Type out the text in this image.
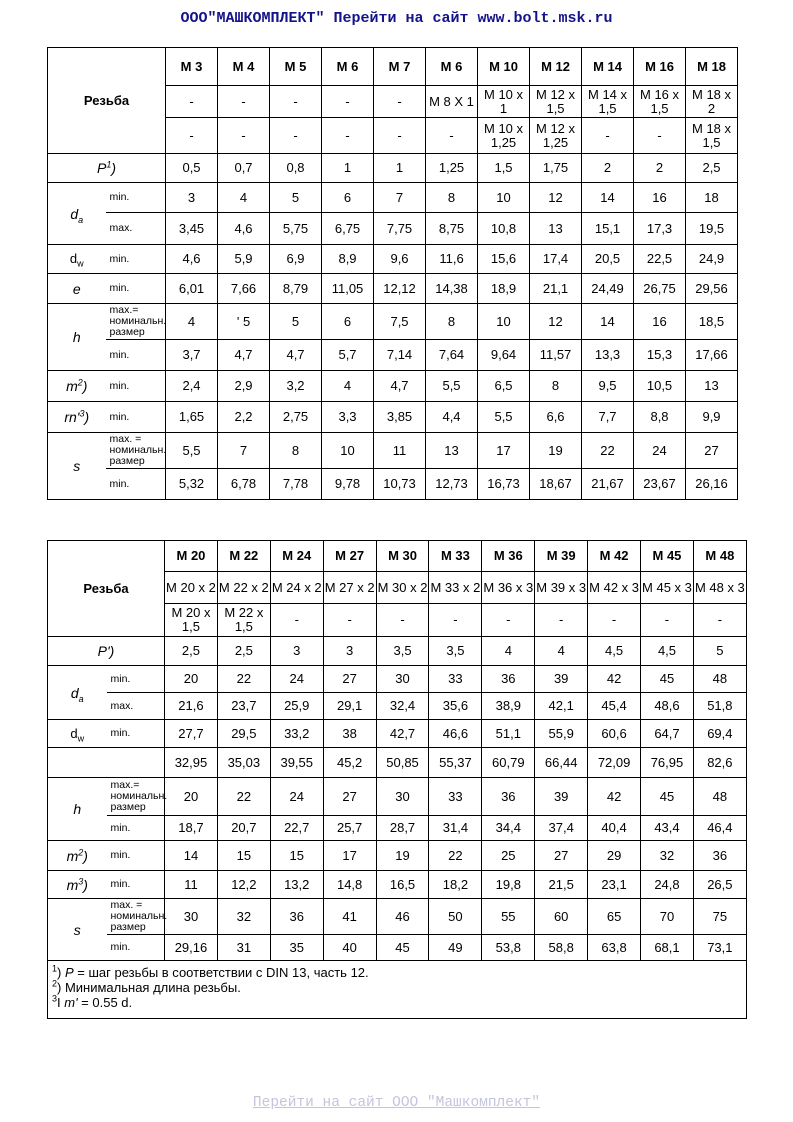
ООО"МАШКОМПЛЕКТ" Перейти на сайт www.bolt.msk.ru
Резьба		M 3	M 4	M 5	M 6	M 7	M 6	M 10	M 12	M 14	M 16	M 18
		-	-	-	-	-	M 8 X 1	M 10 x 1	M 12 x 1,5	M 14 x 1,5	M 16 x 1,5	M 18 x 2
		-	-	-	-	-	-	M 10 x 1,25	M 12 x 1,25	-	-	M 18 x 1,5
$P^1$)		0,5	0,7	0,8	1	1	1,25	1,5	1,75	2	2	2,5
$d_a$	min.	3	4	5	6	7	8	10	12	14	16	18
	max.	3,45	4,6	5,75	6,75	7,75	8,75	10,8	13	15,1	17,3	19,5
$d_w$	min.	4,6	5,9	6,9	8,9	9,6	11,6	15,6	17,4	20,5	22,5	24,9
e	min.	6,01	7,66	8,79	11,05	12,12	14,38	18,9	21,1	24,49	26,75	29,56
h	max.= номинальн. размер	4	' 5	5	6	7,5	8	10	12	14	16	18,5
	min.	3,7	4,7	4,7	5,7	7,14	7,64	9,64	11,57	13,3	15,3	17,66
$m^2$)	min.	2,4	2,9	3,2	4	4,7	5,5	6,5	8	9,5	10,5	13
$rn'^3$)	min.	1,65	2,2	2,75	3,3	3,85	4,4	5,5	6,6	7,7	8,8	9,9
s	max. = номинальн. размер	5,5	7	8	10	11	13	17	19	22	24	27
	min.	5,32	6,78	7,78	9,78	10,73	12,73	16,73	18,67	21,67	23,67	26,16
Резьба		M 20	M 22	M 24	M 27	M 30	M 33	M 36	M 39	M 42	M 45	M 48
		M 20 x 2	M 22 x 2	M 24 x 2	M 27 x 2	M 30 x 2	M 33 x 2	M 36 x 3	M 39 x 3	M 42 x 3	M 45 x 3	M 48 x 3
		M 20 x 1,5	M 22 x 1,5	-	-	-	-	-	-	-	-	-
P')		2,5	2,5	3	3	3,5	3,5	4	4	4,5	4,5	5
$d_a$	min.	20	22	24	27	30	33	36	39	42	45	48
	max.	21,6	23,7	25,9	29,1	32,4	35,6	38,9	42,1	45,4	48,6	51,8
$d_w$	min.	27,7	29,5	33,2	38	42,7	46,6	51,1	55,9	60,6	64,7	69,4
		32,95	35,03	39,55	45,2	50,85	55,37	60,79	66,44	72,09	76,95	82,6
h	max.= номинальн. размер	20	22	24	27	30	33	36	39	42	45	48
	min.	18,7	20,7	22,7	25,7	28,7	31,4	34,4	37,4	40,4	43,4	46,4
$m^2$)	min.	14	15	15	17	19	22	25	27	29	32	36
$m^3$)	min.	11	12,2	13,2	14,8	16,5	18,2	19,8	21,5	23,1	24,8	26,5
s	max. = номинальн. размер	30	32	36	41	46	50	55	60	65	70	75
	min.	29,16	31	35	40	45	49	53,8	58,8	63,8	68,1	73,1

$^1$) P = шаг резьбы в соответствии с DIN 13, часть 12.
$^2$) Минимальная длина резьбы.
$^3$I m' = 0.55 d.												
Перейти на сайт ООО "Машкомплект"
